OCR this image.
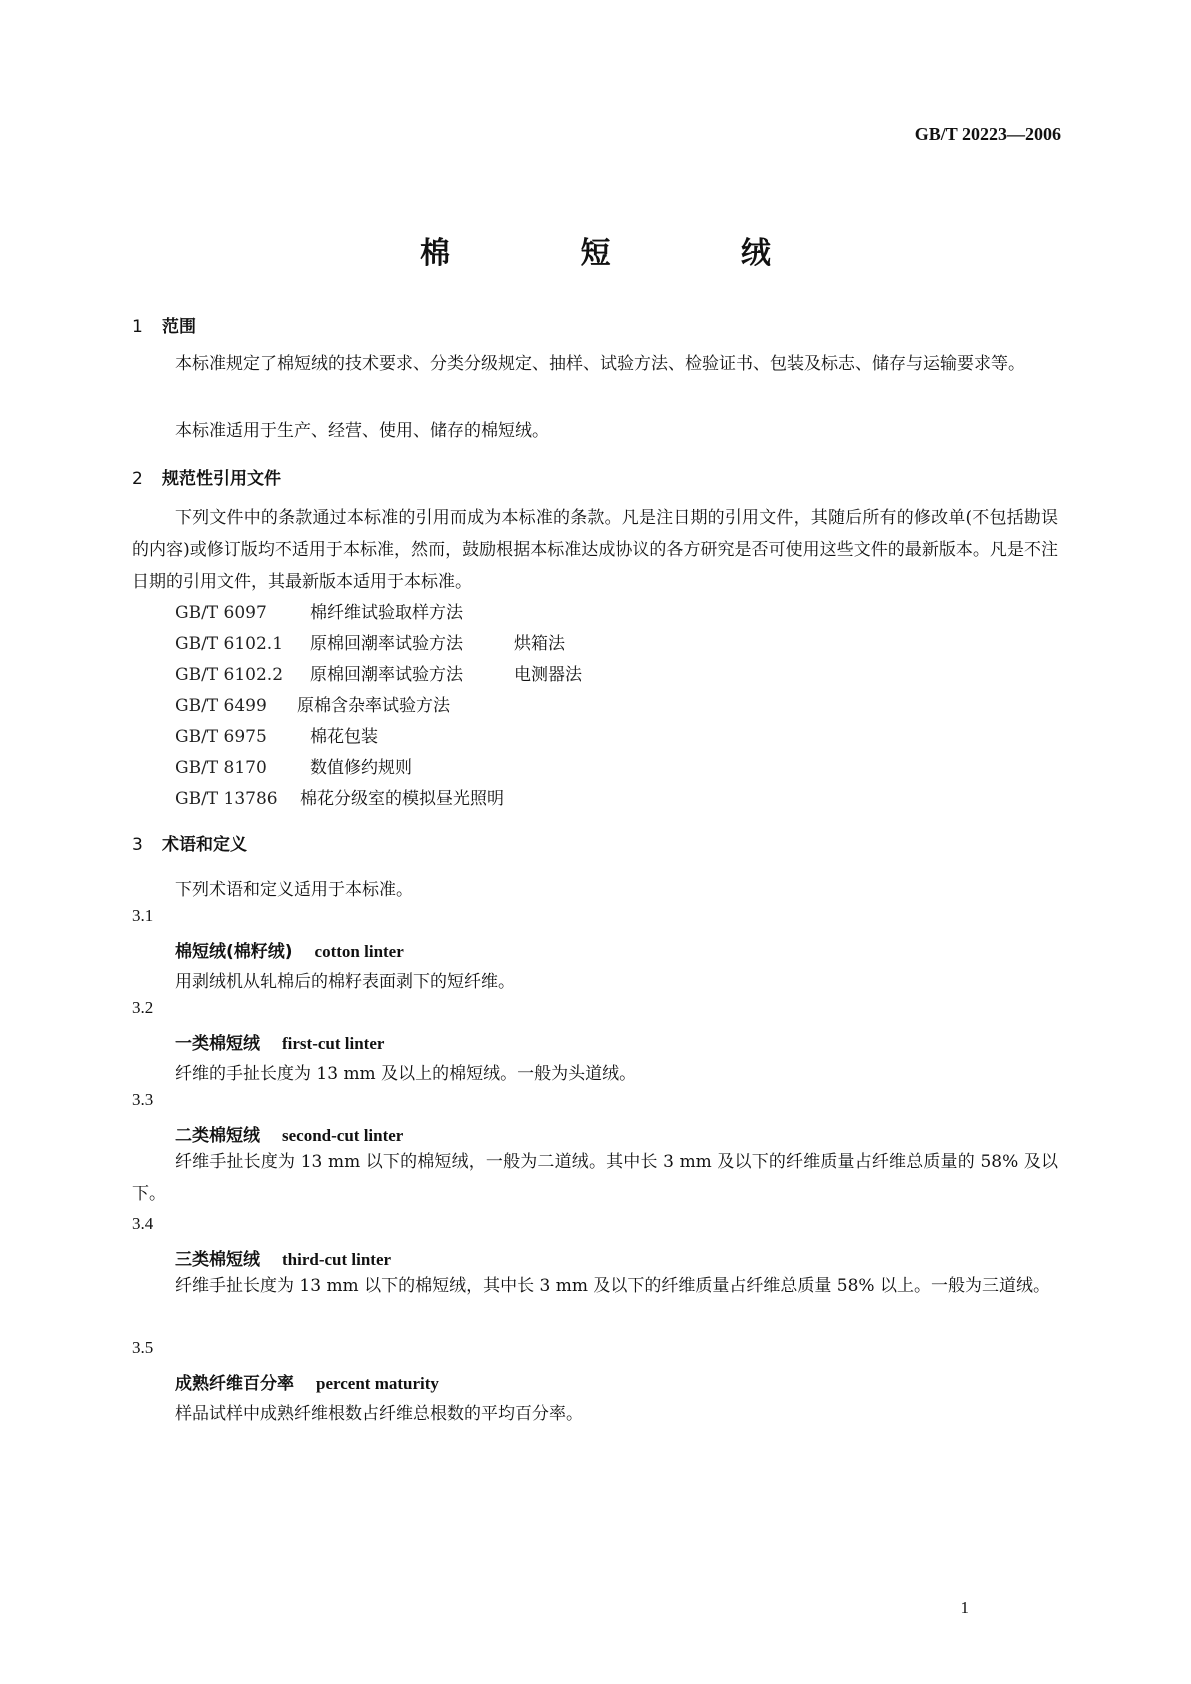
GB/T 20223—2006
棉 短 绒
1 范围
本标准规定了棉短绒的技术要求、分类分级规定、抽样、试验方法、检验证书、包装及标志、储存与运输要求等。
本标准适用于生产、经营、使用、储存的棉短绒。
2 规范性引用文件
下列文件中的条款通过本标准的引用而成为本标准的条款。凡是注日期的引用文件，其随后所有的修改单(不包括勘误的内容)或修订版均不适用于本标准，然而，鼓励根据本标准达成协议的各方研究是否可使用这些文件的最新版本。凡是不注日期的引用文件，其最新版本适用于本标准。
GB/T 6097	棉纤维试验取样方法
GB/T 6102.1 原棉回潮率试验方法	烘箱法
GB/T 6102.2 原棉回潮率试验方法	电测器法
GB/T 6499 原棉含杂率试验方法
GB/T 6975	棉花包装
GB/T 8170	数值修约规则
GB/T 13786 棉花分级室的模拟昼光照明
3 术语和定义
下列术语和定义适用于本标准。
3.1
棉短绒(棉籽绒) cotton linter
用剥绒机从轧棉后的棉籽表面剥下的短纤维。
3.2
一类棉短绒 first-cut linter
纤维的手扯长度为 13 mm 及以上的棉短绒。一般为头道绒。
3.3
二类棉短绒 second-cut linter
纤维手扯长度为 13 mm 以下的棉短绒，一般为二道绒。其中长 3 mm 及以下的纤维质量占纤维总质量的 58% 及以下。
3.4
三类棉短绒 third-cut linter
纤维手扯长度为 13 mm 以下的棉短绒，其中长 3 mm 及以下的纤维质量占纤维总质量 58% 以上。一般为三道绒。
3.5
成熟纤维百分率 percent maturity
样品试样中成熟纤维根数占纤维总根数的平均百分率。
1
